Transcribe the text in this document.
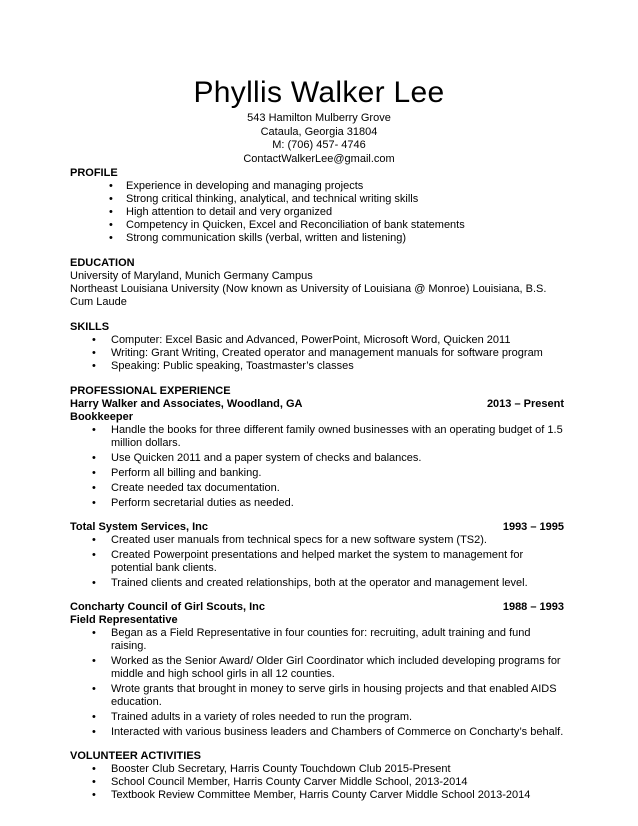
Phyllis Walker Lee
543 Hamilton Mulberry Grove
Cataula, Georgia 31804
M: (706) 457- 4746
ContactWalkerLee@gmail.com
PROFILE
• Experience in developing and managing projects
• Strong critical thinking, analytical, and technical writing skills
• High attention to detail and very organized
• Competency in Quicken, Excel and Reconciliation of bank statements
• Strong communication skills (verbal, written and listening)
EDUCATION
University of Maryland, Munich Germany Campus
Northeast Louisiana University (Now known as University of Louisiana @ Monroe) Louisiana, B.S. Cum Laude
SKILLS
• Computer: Excel Basic and Advanced, PowerPoint, Microsoft Word, Quicken 2011
• Writing: Grant Writing, Created operator and management manuals for software program
• Speaking: Public speaking, Toastmaster’s classes
PROFESSIONAL EXPERIENCE
Harry Walker and Associates, Woodland, GA	2013 – Present
Bookkeeper
• Handle the books for three different family owned businesses with an operating budget of 1.5 million dollars.
• Use Quicken 2011 and a paper system of checks and balances.
• Perform all billing and banking.
• Create needed tax documentation.
• Perform secretarial duties as needed.
Total System Services, Inc	1993 – 1995
• Created user manuals from technical specs for a new software system (TS2).
• Created Powerpoint presentations and helped market the system to management for potential bank clients.
• Trained clients and created relationships, both at the operator and management level.
Concharty Council of Girl Scouts, Inc	1988 – 1993
Field Representative
• Began as a Field Representative in four counties for: recruiting, adult training and fund raising.
• Worked as the Senior Award/ Older Girl Coordinator which included developing programs for middle and high school girls in all 12 counties.
• Wrote grants that brought in money to serve girls in housing projects and that enabled AIDS education.
• Trained adults in a variety of roles needed to run the program.
• Interacted with various business leaders and Chambers of Commerce on Concharty’s behalf.
VOLUNTEER ACTIVITIES
• Booster Club Secretary, Harris County Touchdown Club 2015-Present
• School Council Member, Harris County Carver Middle School, 2013-2014
• Textbook Review Committee Member, Harris County Carver Middle School 2013-2014
